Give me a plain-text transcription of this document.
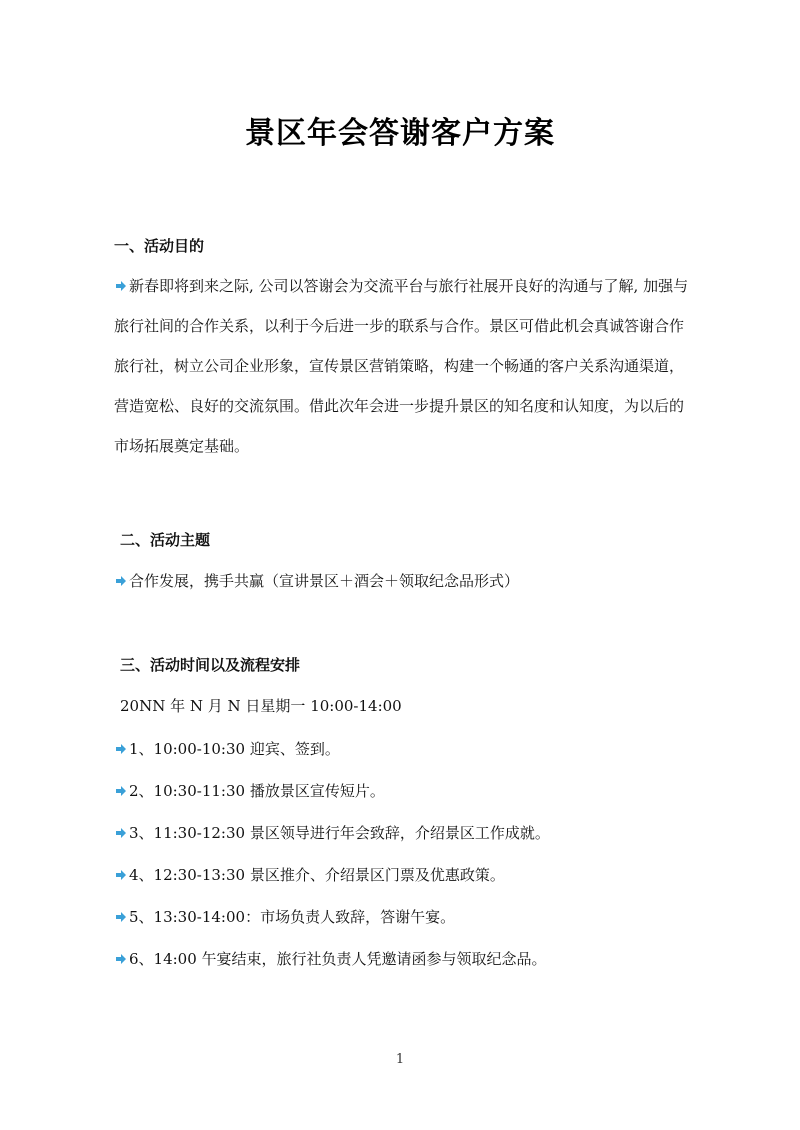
景区年会答谢客户方案
一、活动目的
新春即将到来之际, 公司以答谢会为交流平台与旅行社展开良好的沟通与了解, 加强与旅行社间的合作关系，以利于今后进一步的联系与合作。景区可借此机会真诚答谢合作旅行社，树立公司企业形象，宣传景区营销策略，构建一个畅通的客户关系沟通渠道，营造宽松、良好的交流氛围。借此次年会进一步提升景区的知名度和认知度，为以后的市场拓展奠定基础。
二、活动主题
合作发展，携手共赢（宣讲景区＋酒会＋领取纪念品形式）
三、活动时间以及流程安排
20NN 年 N 月 N 日星期一 10:00-14:00
1、10:00-10:30 迎宾、签到。
2、10:30-11:30 播放景区宣传短片。
3、11:30-12:30 景区领导进行年会致辞，介绍景区工作成就。
4、12:30-13:30 景区推介、介绍景区门票及优惠政策。
5、13:30-14:00：市场负责人致辞，答谢午宴。
6、14:00 午宴结束，旅行社负责人凭邀请函参与领取纪念品。
1
